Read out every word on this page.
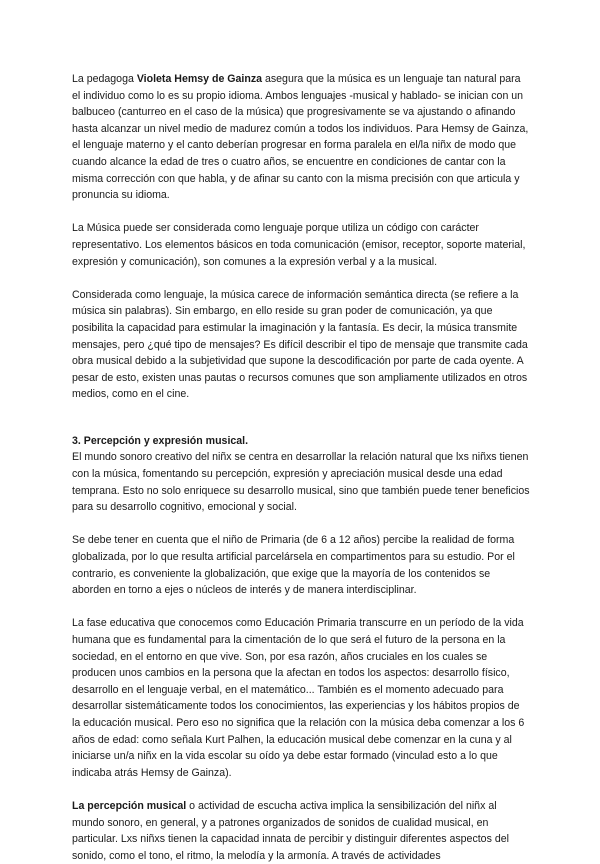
La pedagoga Violeta Hemsy de Gainza asegura que la música es un lenguaje tan natural para el individuo como lo es su propio idioma. Ambos lenguajes -musical y hablado- se inician con un balbuceo (canturreo en el caso de la música) que progresivamente se va ajustando o afinando hasta alcanzar un nivel medio de madurez común a todos los individuos. Para Hemsy de Gainza, el lenguaje materno y el canto deberían progresar en forma paralela en el/la niñx de modo que cuando alcance la edad de tres o cuatro años, se encuentre en condiciones de cantar con la misma corrección con que habla, y de afinar su canto con la misma precisión con que articula y pronuncia su idioma.

La Música puede ser considerada como lenguaje porque utiliza un código con carácter representativo. Los elementos básicos en toda comunicación (emisor, receptor, soporte material, expresión y comunicación), son comunes a la expresión verbal y a la musical.

Considerada como lenguaje, la música carece de información semántica directa (se refiere a la música sin palabras). Sin embargo, en ello reside su gran poder de comunicación, ya que posibilita la capacidad para estimular la imaginación y la fantasía. Es decir, la música transmite mensajes, pero ¿qué tipo de mensajes? Es difícil describir el tipo de mensaje que transmite cada obra musical debido a la subjetividad que supone la descodificación por parte de cada oyente. A pesar de esto, existen unas pautas o recursos comunes que son ampliamente utilizados en otros medios, como en el cine.

3. Percepción y expresión musical.

El mundo sonoro creativo del niñx se centra en desarrollar la relación natural que lxs niñxs tienen con la música, fomentando su percepción, expresión y apreciación musical desde una edad temprana. Esto no solo enriquece su desarrollo musical, sino que también puede tener beneficios para su desarrollo cognitivo, emocional y social.

Se debe tener en cuenta que el niño de Primaria (de 6 a 12 años) percibe la realidad de forma globalizada, por lo que resulta artificial parcelársela en compartimentos para su estudio. Por el contrario, es conveniente la globalización, que exige que la mayoría de los contenidos se aborden en torno a ejes o núcleos de interés y de manera interdisciplinar.

La fase educativa que conocemos como Educación Primaria transcurre en un período de la vida humana que es fundamental para la cimentación de lo que será el futuro de la persona en la sociedad, en el entorno en que vive. Son, por esa razón, años cruciales en los cuales se producen unos cambios en la persona que la afectan en todos los aspectos: desarrollo físico, desarrollo en el lenguaje verbal, en el matemático... También es el momento adecuado para desarrollar sistemáticamente todos los conocimientos, las experiencias y los hábitos propios de la educación musical. Pero eso no significa que la relación con la música deba comenzar a los 6 años de edad: como señala Kurt Palhen, la educación musical debe comenzar en la cuna y al iniciarse un/a niñx en la vida escolar su oído ya debe estar formado (vinculad esto a lo que indicaba atrás Hemsy de Gainza).

La percepción musical o actividad de escucha activa implica la sensibilización del niñx al mundo sonoro, en general, y a patrones organizados de sonidos de cualidad musical, en particular. Lxs niñxs tienen la capacidad innata de percibir y distinguir diferentes aspectos del sonido, como el tono, el ritmo, la melodía y la armonía. A través de actividades
